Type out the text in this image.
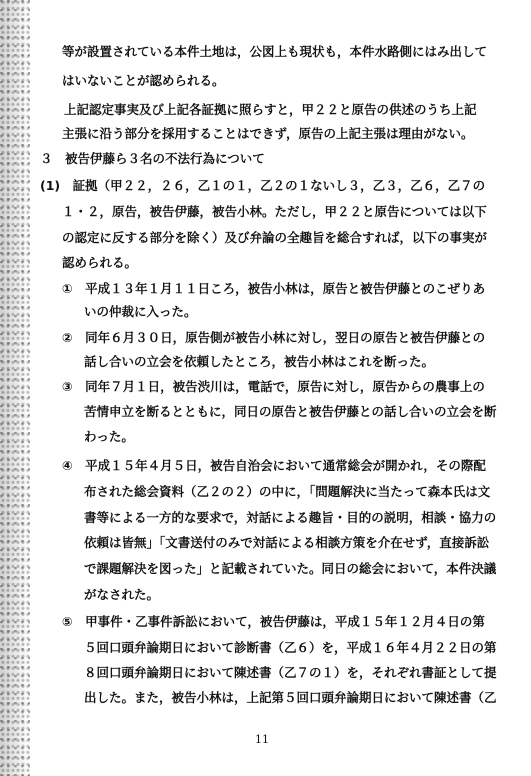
等が設置されている本件土地は，公図上も現状も，本件水路側にはみ出して
はいないことが認められる。
上記認定事実及び上記各証拠に照らすと，甲２２と原告の供述のうち上記
主張に沿う部分を採用することはできず，原告の上記主張は理由がない。
３　被告伊藤ら３名の不法行為について
(1)　証拠（甲２２，２６，乙１の１，乙２の１ないし３，乙３，乙６，乙７の
１・２，原告，被告伊藤，被告小林。ただし，甲２２と原告については以下
の認定に反する部分を除く）及び弁論の全趣旨を総合すれば，以下の事実が
認められる。
①　平成１３年１月１１日ころ，被告小林は，原告と被告伊藤とのこぜりあ
いの仲裁に入った。
②　同年６月３０日，原告側が被告小林に対し，翌日の原告と被告伊藤との
話し合いの立会を依頼したところ，被告小林はこれを断った。
③　同年７月１日，被告渋川は，電話で，原告に対し，原告からの農事上の
苦情申立を断るとともに，同日の原告と被告伊藤との話し合いの立会を断
わった。
④　平成１５年４月５日，被告自治会において通常総会が開かれ，その際配
布された総会資料（乙２の２）の中に，「問題解決に当たって森本氏は文
書等による一方的な要求で，対話による趣旨・目的の説明，相談・協力の
依頼は皆無」「文書送付のみで対話による相談方策を介在せず，直接訴訟
で課題解決を図った」と記載されていた。同日の総会において，本件決議
がなされた。
⑤　甲事件・乙事件訴訟において，被告伊藤は，平成１５年１２月４日の第
５回口頭弁論期日において診断書（乙６）を，平成１６年４月２２日の第
８回口頭弁論期日において陳述書（乙７の１）を，それぞれ書証として提
出した。また，被告小林は，上記第５回口頭弁論期日において陳述書（乙
11
